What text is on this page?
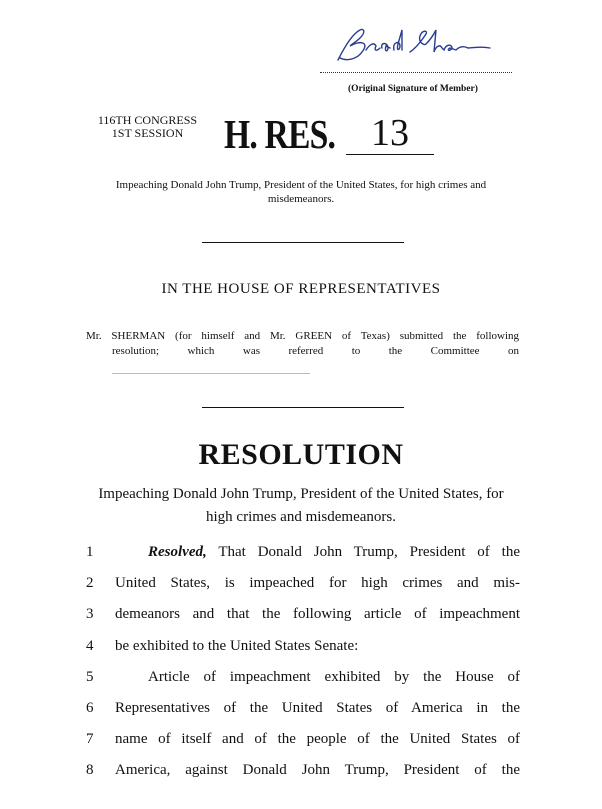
(Original Signature of Member)
116TH CONGRESS
1ST SESSION H. RES. 13
Impeaching Donald John Trump, President of the United States, for high crimes and misdemeanors.
IN THE HOUSE OF REPRESENTATIVES
Mr. SHERMAN (for himself and Mr. GREEN of Texas) submitted the following
resolution; which was referred to the Committee on
RESOLUTION
Impeaching Donald John Trump, President of the United States, for high crimes and misdemeanors.
1	Resolved, That Donald John Trump, President of the
2	United States, is impeached for high crimes and mis-
3	demeanors and that the following article of impeachment
4	be exhibited to the United States Senate:
5	Article of impeachment exhibited by the House of
6	Representatives of the United States of America in the
7	name of itself and of the people of the United States of
8	America, against Donald John Trump, President of the
